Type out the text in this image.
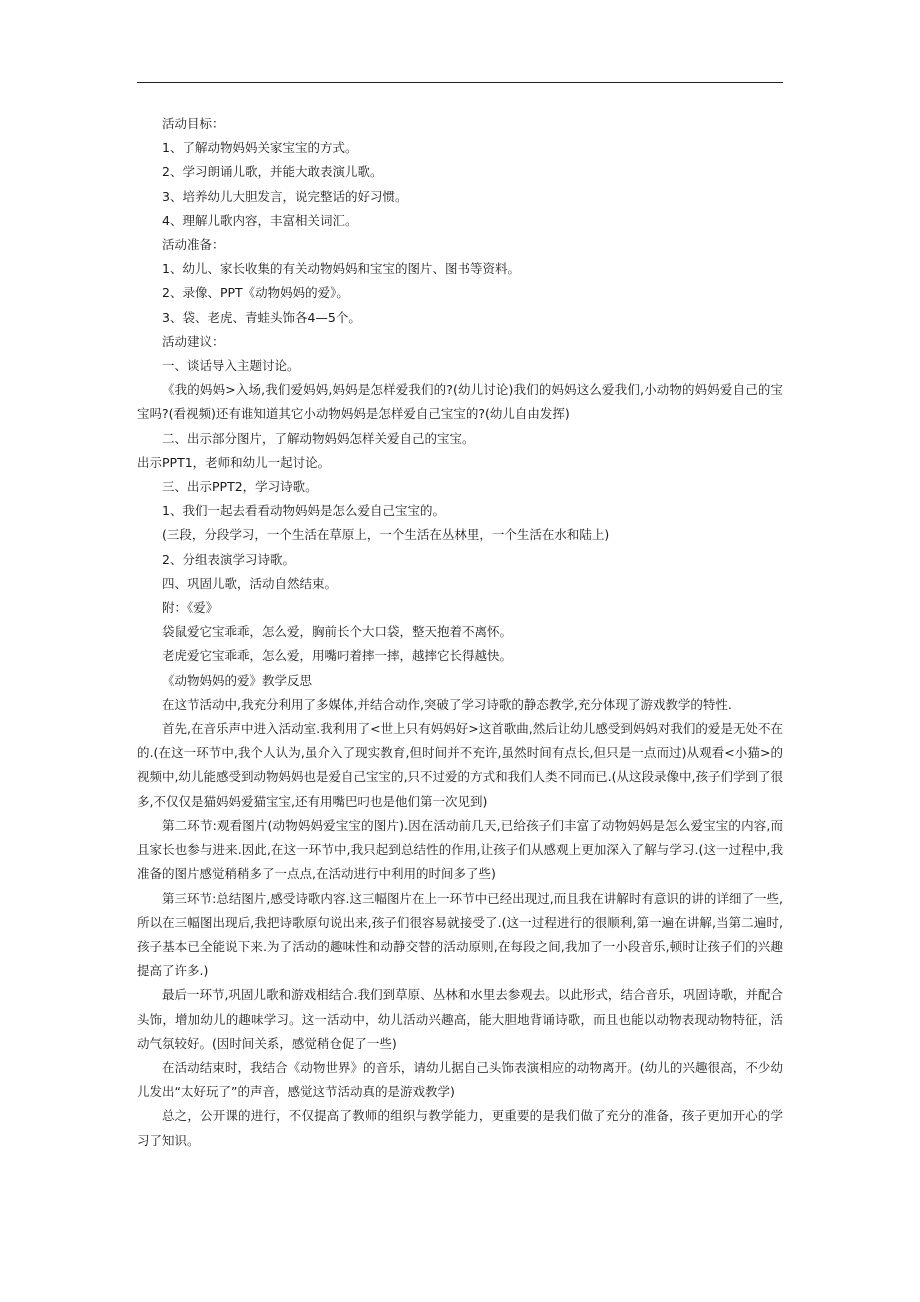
活动目标：

1、了解动物妈妈关家宝宝的方式。

2、学习朗诵儿歌，并能大敢表演儿歌。

3、培养幼儿大胆发言，说完整话的好习惯。

4、理解儿歌内容，丰富相关词汇。

活动准备：

1、幼儿、家长收集的有关动物妈妈和宝宝的图片、图书等资料。

2、录像、PPT《动物妈妈的爱》。

3、袋、老虎、青蛙头饰各4—5个。

活动建议：

一、谈话导入主题讨论。

《我的妈妈>入场,我们爱妈妈,妈妈是怎样爱我们的?(幼儿讨论)我们的妈妈这么爱我们,小动物的妈妈爱自己的宝宝吗?(看视频)还有谁知道其它小动物妈妈是怎样爱自己宝宝的?(幼儿自由发挥)

二、出示部分图片，了解动物妈妈怎样关爱自己的宝宝。

出示PPT1，老师和幼儿一起讨论。

三、出示PPT2，学习诗歌。

1、我们一起去看看动物妈妈是怎么爱自己宝宝的。

(三段，分段学习，一个生活在草原上，一个生活在丛林里，一个生活在水和陆上)

2、分组表演学习诗歌。

四、巩固儿歌，活动自然结束。

附：《爱》

袋鼠爱它宝乖乖，怎么爱，胸前长个大口袋，整天抱着不离怀。

老虎爱它宝乖乖，怎么爱，用嘴叼着摔一摔，越摔它长得越快。

《动物妈妈的爱》教学反思

在这节活动中,我充分利用了多媒体,并结合动作,突破了学习诗歌的静态教学,充分体现了游戏教学的特性.

首先,在音乐声中进入活动室.我利用了<世上只有妈妈好>这首歌曲,然后让幼儿感受到妈妈对我们的爱是无处不在的.(在这一环节中,我个人认为,虽介入了现实教育,但时间并不充许,虽然时间有点长,但只是一点而过)从观看<小猫>的视频中,幼儿能感受到动物妈妈也是爱自己宝宝的,只不过爱的方式和我们人类不同而已.(从这段录像中,孩子们学到了很多,不仅仅是猫妈妈爱猫宝宝,还有用嘴巴叼也是他们第一次见到)

第二环节:观看图片(动物妈妈爱宝宝的图片).因在活动前几天,已给孩子们丰富了动物妈妈是怎么爱宝宝的内容,而且家长也参与进来.因此,在这一环节中,我只起到总结性的作用,让孩子们从感观上更加深入了解与学习.(这一过程中,我准备的图片感觉稍稍多了一点点,在活动进行中利用的时间多了些)

第三环节:总结图片,感受诗歌内容.这三幅图片在上一环节中已经出现过,而且我在讲解时有意识的讲的详细了一些,所以在三幅图出现后,我把诗歌原句说出来,孩子们很容易就接受了.(这一过程进行的很顺利,第一遍在讲解,当第二遍时,孩子基本已全能说下来.为了活动的趣味性和动静交替的活动原则,在每段之间,我加了一小段音乐,顿时让孩子们的兴趣提高了许多.)

最后一环节,巩固儿歌和游戏相结合.我们到草原、丛林和水里去参观去。以此形式，结合音乐，巩固诗歌，并配合头饰，增加幼儿的趣味学习。这一活动中，幼儿活动兴趣高，能大胆地背诵诗歌，而且也能以动物表现动物特征，活动气氛较好。(因时间关系，感觉稍仓促了一些)

在活动结束时，我结合《动物世界》的音乐，请幼儿据自己头饰表演相应的动物离开。(幼儿的兴趣很高，不少幼儿发出“太好玩了”的声音，感觉这节活动真的是游戏教学)

总之，公开课的进行，不仅提高了教师的组织与教学能力，更重要的是我们做了充分的准备，孩子更加开心的学习了知识。
